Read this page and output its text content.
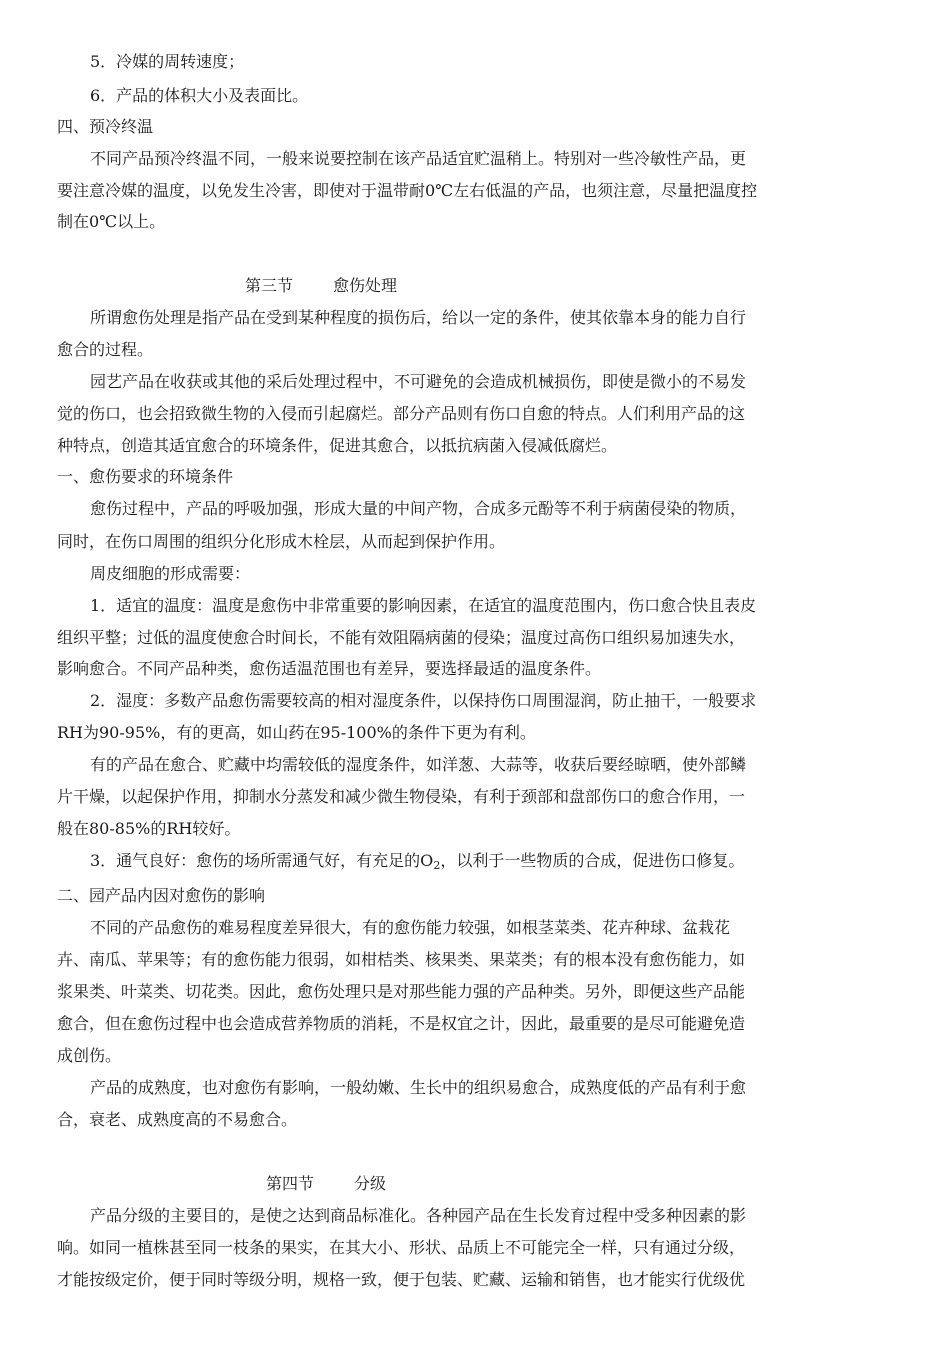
5．冷媒的周转速度；
6．产品的体积大小及表面比。
四、预冷终温
不同产品预冷终温不同，一般来说要控制在该产品适宜贮温稍上。特别对一些冷敏性产品，更
要注意冷媒的温度，以免发生冷害，即使对于温带耐0℃左右低温的产品，也须注意，尽量把温度控
制在0℃以上。
第三节	愈伤处理
所谓愈伤处理是指产品在受到某种程度的损伤后，给以一定的条件，使其依靠本身的能力自行
愈合的过程。
园艺产品在收获或其他的采后处理过程中，不可避免的会造成机械损伤，即使是微小的不易发
觉的伤口，也会招致微生物的入侵而引起腐烂。部分产品则有伤口自愈的特点。人们利用产品的这
种特点，创造其适宜愈合的环境条件，促进其愈合，以抵抗病菌入侵减低腐烂。
一、愈伤要求的环境条件
愈伤过程中，产品的呼吸加强，形成大量的中间产物，合成多元酚等不利于病菌侵染的物质，
同时，在伤口周围的组织分化形成木栓层，从而起到保护作用。
周皮细胞的形成需要：
1．适宜的温度：温度是愈伤中非常重要的影响因素，在适宜的温度范围内，伤口愈合快且表皮
组织平整；过低的温度使愈合时间长，不能有效阻隔病菌的侵染；温度过高伤口组织易加速失水，
影响愈合。不同产品种类，愈伤适温范围也有差异，要选择最适的温度条件。
2．湿度：多数产品愈伤需要较高的相对湿度条件，以保持伤口周围湿润，防止抽干，一般要求
RH为90-95%，有的更高，如山药在95-100%的条件下更为有利。
有的产品在愈合、贮藏中均需较低的湿度条件，如洋葱、大蒜等，收获后要经晾晒，使外部鳞
片干燥，以起保护作用，抑制水分蒸发和减少微生物侵染，有利于颈部和盘部伤口的愈合作用，一
般在80-85%的RH较好。
3．通气良好：愈伤的场所需通气好，有充足的$O_2$，以利于一些物质的合成，促进伤口修复。
二、园产品内因对愈伤的影响
不同的产品愈伤的难易程度差异很大，有的愈伤能力较强，如根茎菜类、花卉种球、盆栽花
卉、南瓜、苹果等；有的愈伤能力很弱，如柑桔类、核果类、果菜类；有的根本没有愈伤能力，如
浆果类、叶菜类、切花类。因此，愈伤处理只是对那些能力强的产品种类。另外，即便这些产品能
愈合，但在愈伤过程中也会造成营养物质的消耗，不是权宜之计，因此，最重要的是尽可能避免造
成创伤。
产品的成熟度，也对愈伤有影响，一般幼嫩、生长中的组织易愈合，成熟度低的产品有利于愈
合，衰老、成熟度高的不易愈合。
第四节	分级
产品分级的主要目的，是使之达到商品标准化。各种园产品在生长发育过程中受多种因素的影
响。如同一植株甚至同一枝条的果实，在其大小、形状、品质上不可能完全一样，只有通过分级，
才能按级定价，便于同时等级分明，规格一致，便于包装、贮藏、运输和销售，也才能实行优级优
